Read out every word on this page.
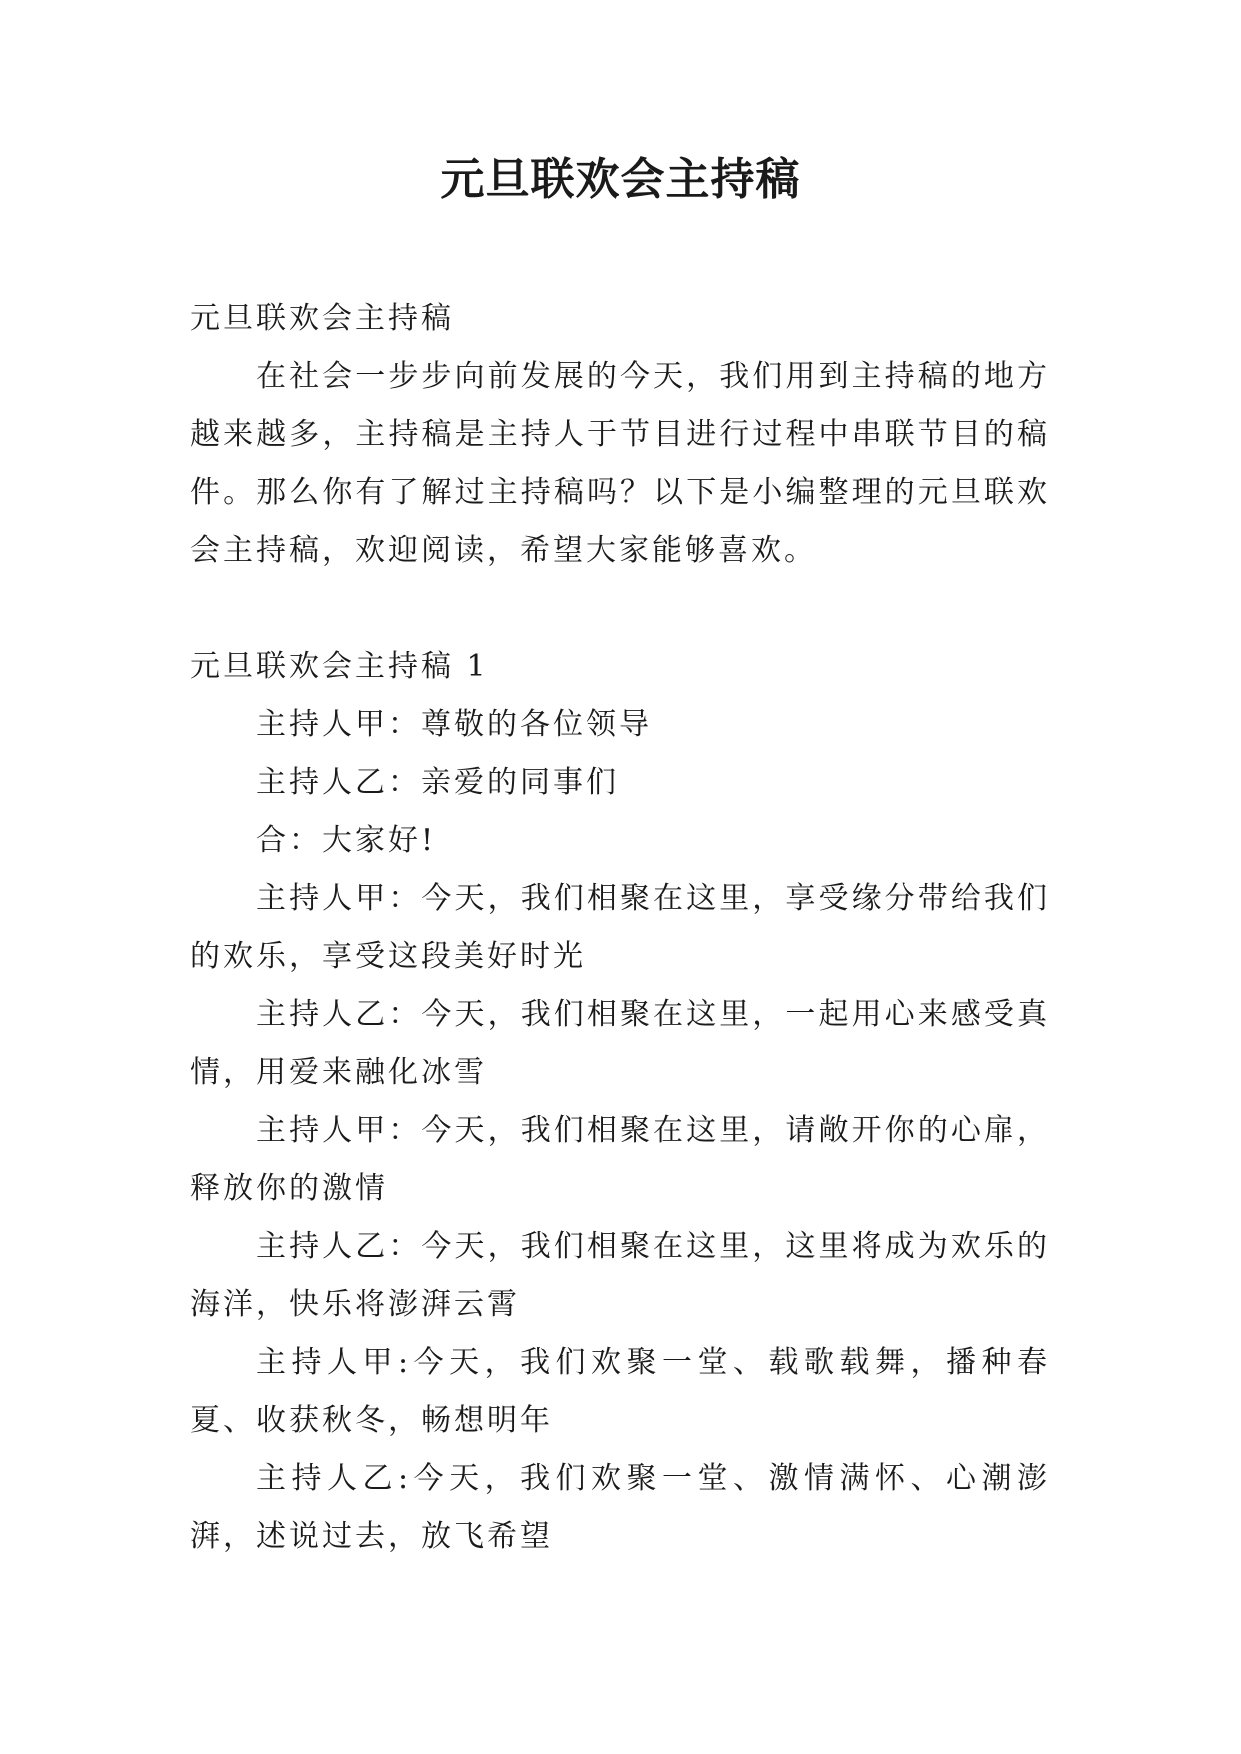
元旦联欢会主持稿

元旦联欢会主持稿

在社会一步步向前发展的今天，我们用到主持稿的地方越来越多，主持稿是主持人于节目进行过程中串联节目的稿件。那么你有了解过主持稿吗？以下是小编整理的元旦联欢会主持稿，欢迎阅读，希望大家能够喜欢。

元旦联欢会主持稿 1

主持人甲：尊敬的各位领导

主持人乙：亲爱的同事们

合：大家好!

主持人甲：今天，我们相聚在这里，享受缘分带给我们的欢乐，享受这段美好时光

主持人乙：今天，我们相聚在这里，一起用心来感受真情，用爱来融化冰雪

主持人甲：今天，我们相聚在这里，请敞开你的心扉，释放你的激情

主持人乙：今天，我们相聚在这里，这里将成为欢乐的海洋，快乐将澎湃云霄

主持人甲:今天，我们欢聚一堂、载歌载舞，播种春夏、收获秋冬，畅想明年

主持人乙:今天，我们欢聚一堂、激情满怀、心潮澎湃，述说过去，放飞希望
